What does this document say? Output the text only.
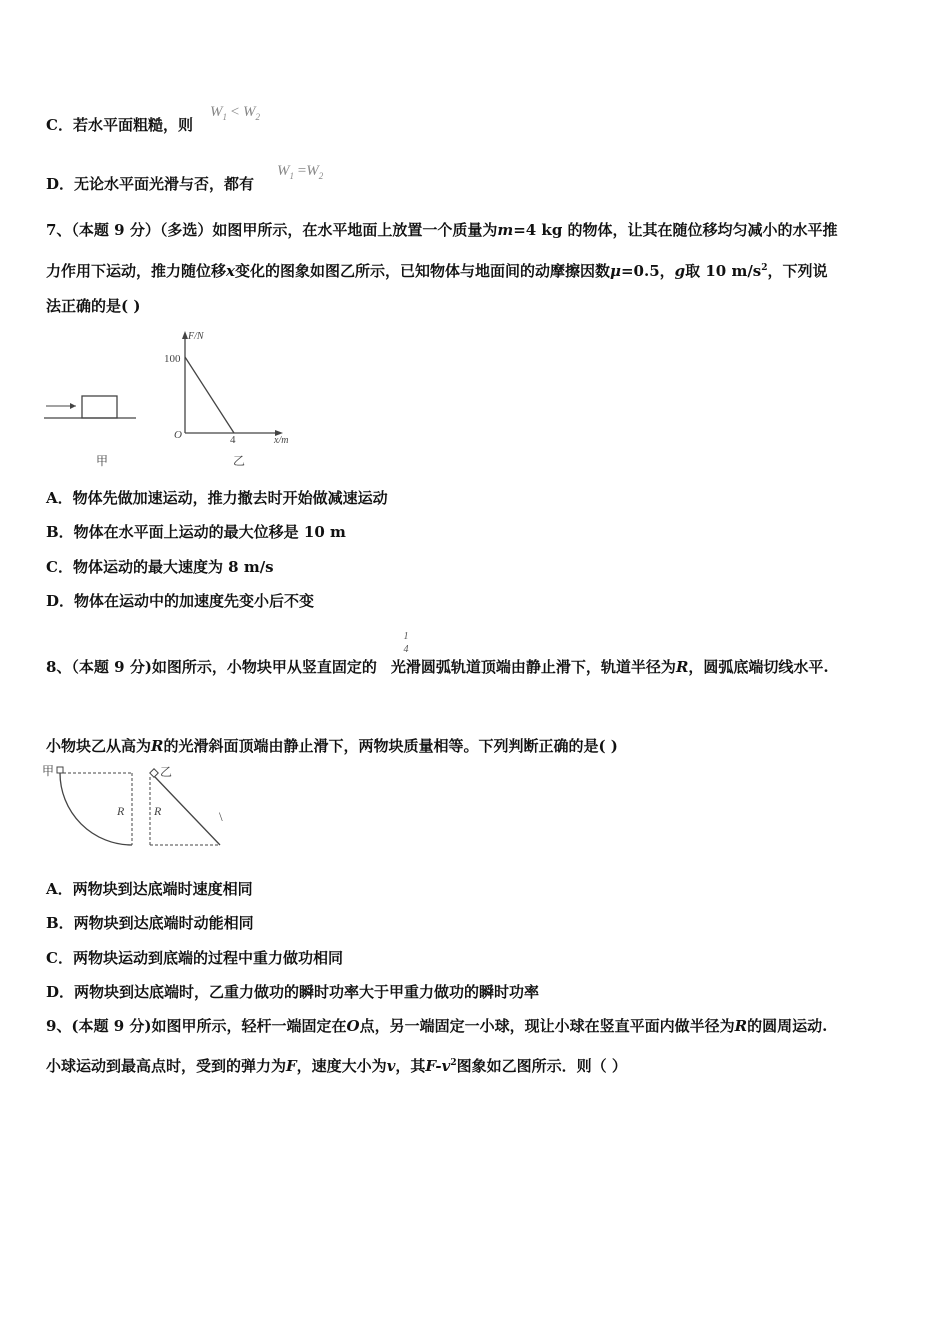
C．若水平面粗糙，则
$W_1 < W_2$
D．无论水平面光滑与否，都有
$W_1 =W_2$
7、（本题 9 分）（多选）如图甲所示，在水平地面上放置一个质量为m=4 kg 的物体，让其在随位移均匀减小的水平推
力作用下运动，推力随位移x变化的图象如图乙所示，已知物体与地面间的动摩擦因数μ=0.5，g取 10 $m/s^2$，下列说
法正确的是( )
甲
F/N
x/m
100
O	4
乙
A．物体先做加速运动，推力撤去时开始做减速运动
B．物体在水平面上运动的最大位移是 10 m
C．物体运动的最大速度为 8 m/s
D．物体在运动中的加速度先变小后不变
8、（本题 9 分)如图所示，小物块甲从竖直固定的 光滑圆弧轨道顶端由静止滑下，轨道半径为R，圆弧底端切线水平.
1
4
小物块乙从高为R的光滑斜面顶端由静止滑下，两物块质量相等。下列判断正确的是( )
甲
R
乙
R	\
A．两物块到达底端时速度相同
B．两物块到达底端时动能相同
C．两物块运动到底端的过程中重力做功相同
D．两物块到达底端时，乙重力做功的瞬时功率大于甲重力做功的瞬时功率
9、(本题 9 分)如图甲所示，轻杆一端固定在O点，另一端固定一小球，现让小球在竖直平面内做半径为R的圆周运动.
小球运动到最高点时，受到的弹力为F，速度大小为v，其$F-v^2$图象如乙图所示．则（ ）
